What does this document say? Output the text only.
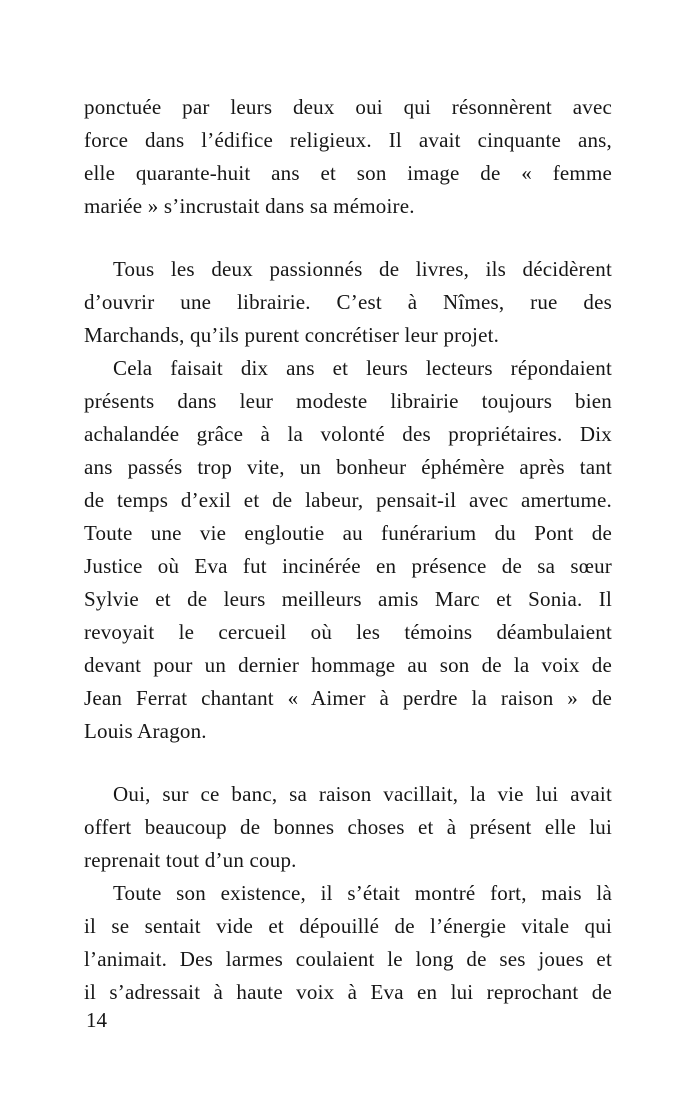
ponctuée par leurs deux oui qui résonnèrent avec
force dans l’édifice religieux. Il avait cinquante ans,
elle quarante-huit ans et son image de « femme
mariée » s’incrustait dans sa mémoire.
Tous les deux passionnés de livres, ils décidèrent
d’ouvrir une librairie. C’est à Nîmes, rue des
Marchands, qu’ils purent concrétiser leur projet.
Cela faisait dix ans et leurs lecteurs répondaient
présents dans leur modeste librairie toujours bien
achalandée grâce à la volonté des propriétaires. Dix
ans passés trop vite, un bonheur éphémère après tant
de temps d’exil et de labeur, pensait-il avec amertume.
Toute une vie engloutie au funérarium du Pont de
Justice où Eva fut incinérée en présence de sa sœur
Sylvie et de leurs meilleurs amis Marc et Sonia. Il
revoyait le cercueil où les témoins déambulaient
devant pour un dernier hommage au son de la voix de
Jean Ferrat chantant « Aimer à perdre la raison » de
Louis Aragon.
Oui, sur ce banc, sa raison vacillait, la vie lui avait
offert beaucoup de bonnes choses et à présent elle lui
reprenait tout d’un coup.
Toute son existence, il s’était montré fort, mais là
il se sentait vide et dépouillé de l’énergie vitale qui
l’animait. Des larmes coulaient le long de ses joues et
il s’adressait à haute voix à Eva en lui reprochant de
14
